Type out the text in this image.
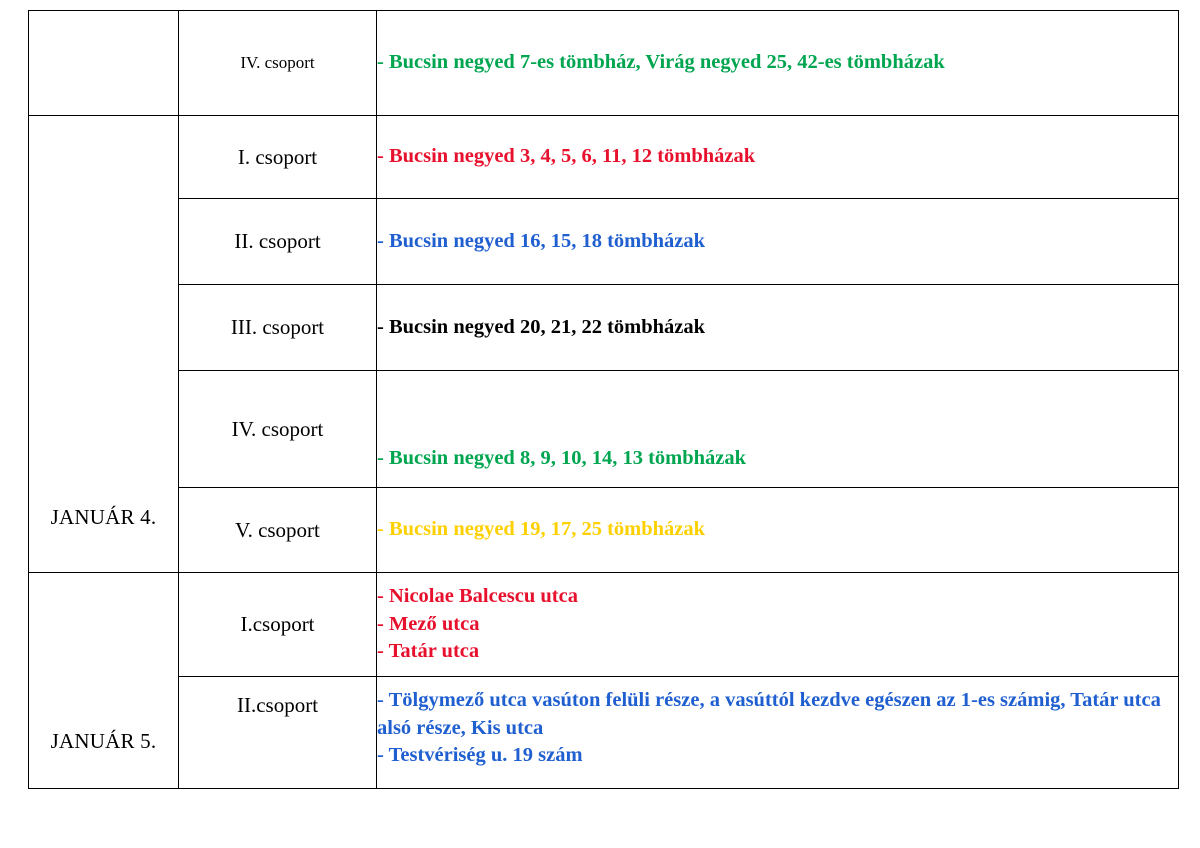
	IV. csoport	- Bucsin negyed 7-es tömbház, Virág negyed 25, 42-es tömbházak

JANUÁR 4.	I. csoport	- Bucsin negyed 3, 4, 5, 6, 11, 12 tömbházak

	II. csoport	- Bucsin negyed 16, 15, 18 tömbházak

	III. csoport	- Bucsin negyed 20, 21, 22 tömbházak

	IV. csoport	- Bucsin negyed 8, 9, 10, 14, 13 tömbházak

	V. csoport	- Bucsin negyed 19, 17, 25 tömbházak

JANUÁR 5.	I.csoport	- Nicolae Balcescu utca
- Mező utca
- Tatár utca

	II.csoport	- Tölgymező utca vasúton felüli része, a vasúttól kezdve egészen az 1-es számig, Tatár utca alsó része, Kis utca
- Testvériség u. 19 szám
